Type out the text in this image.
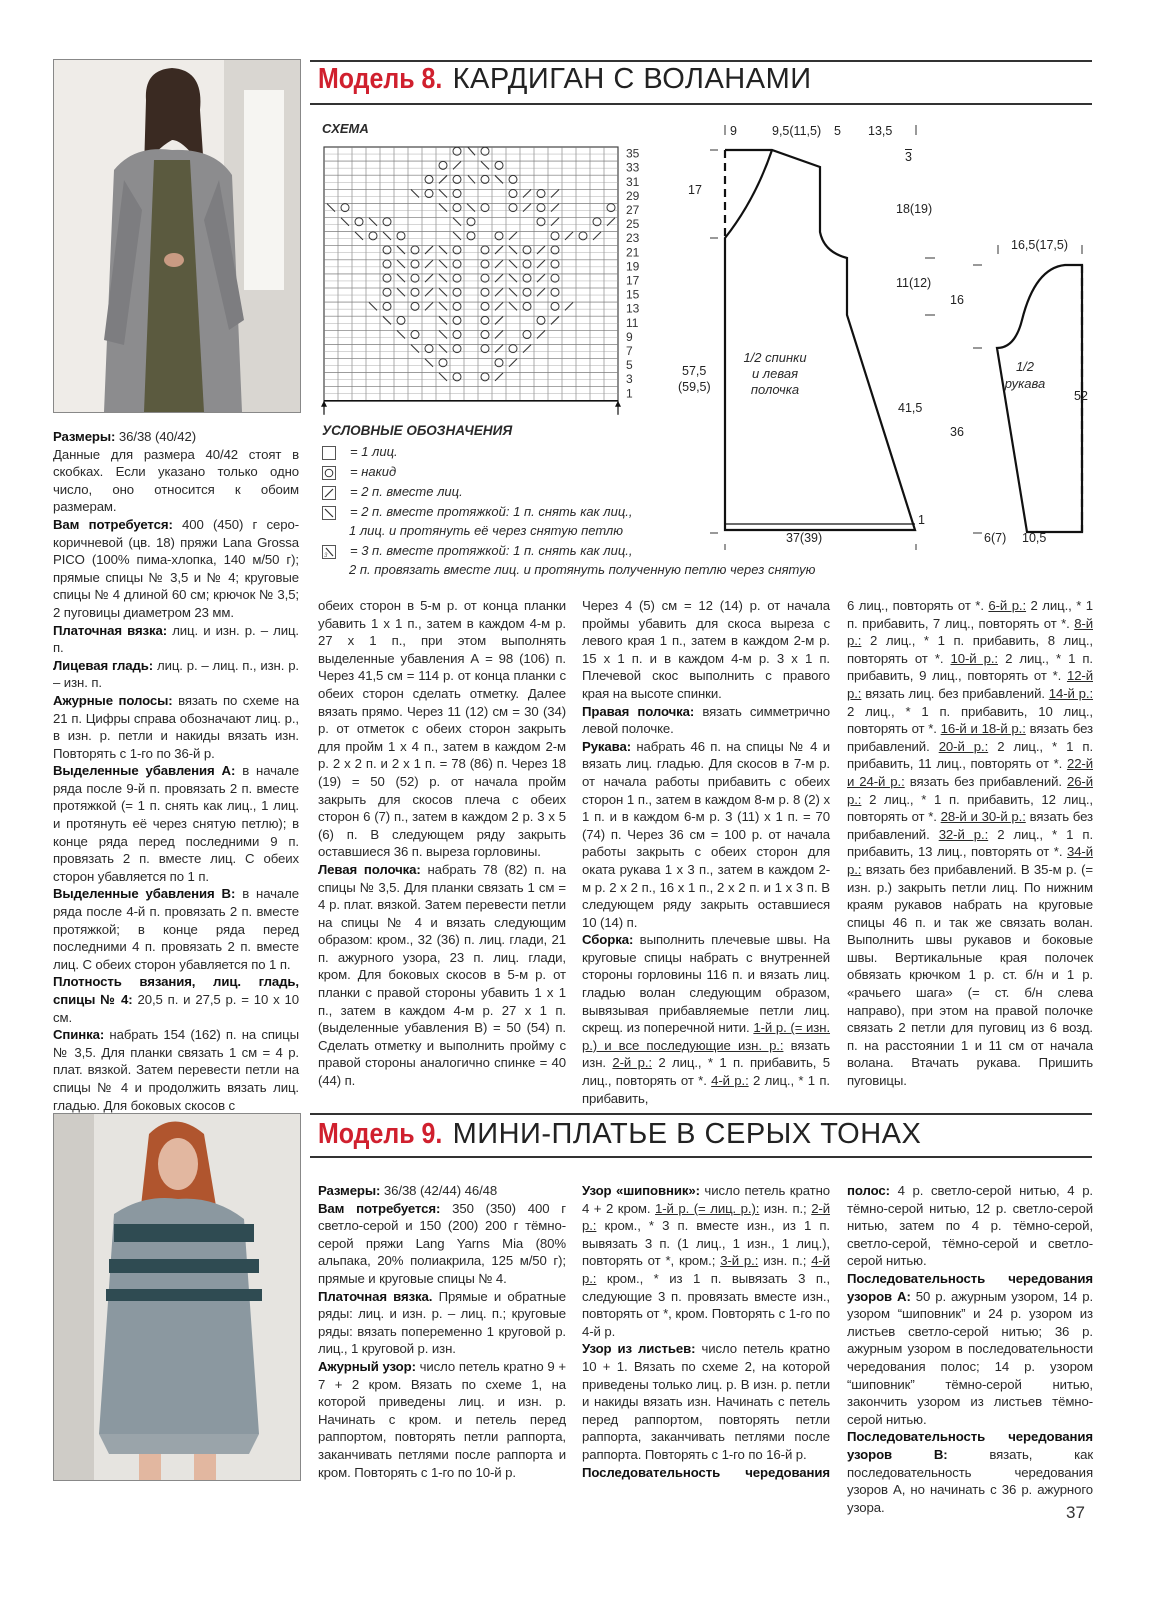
Модель 8. КАРДИГАН С ВОЛАНАМИ
СХЕМА
35
33
31
29
27
25
23
21
19
17
15
13
11
9
7
5
3
1
УСЛОВНЫЕ ОБОЗНАЧЕНИЯ
= 1 лиц.
= накид
= 2 п. вместе лиц.
= 2 п. вместе протяжкой: 1 п. снять как лиц.,
1 лиц. и протянуть её через снятую петлю
3 = 3 п. вместе протяжкой: 1 п. снять как лиц.,
2 п. провязать вместе лиц. и протянуть полученную петлю через снятую
9	9,5(11,5) 5 13,5
3
17
18(19)
11(12)
57,5
(59,5)
41,5
1
37(39)
16,5(17,5)
16
36
52
6(7) 10,5
1/2 спинки
и левая
полочка
1/2
рукава

Размеры: 36/38 (40/42)

Данные для размера 40/42 стоят в скобках. Если указано только одно число, оно относится к обоим размерам.

Вам потребуется: 400 (450) г серо-коричневой (цв. 18) пряжи Lana Grossa PICO (100% пима-хлопка, 140 м/50 г); прямые спицы № 3,5 и № 4; круговые спицы № 4 длиной 60 см; крючок № 3,5; 2 пуговицы диаметром 23 мм.

Платочная вязка: лиц. и изн. р. – лиц. п.

Лицевая гладь: лиц. р. – лиц. п., изн. р. – изн. п.

Ажурные полосы: вязать по схеме на 21 п. Цифры справа обозначают лиц. р., в изн. р. петли и накиды вязать изн. Повторять с 1-го по 36-й р.

Выделенные убавления А: в начале ряда после 9-й п. провязать 2 п. вместе протяжкой (= 1 п. снять как лиц., 1 лиц. и протянуть её через снятую петлю); в конце ряда перед последними 9 п. провязать 2 п. вместе лиц. С обеих сторон убавляется по 1 п.

Выделенные убавления В: в начале ряда после 4-й п. провязать 2 п. вместе протяжкой; в конце ряда перед последними 4 п. провязать 2 п. вместе лиц. С обеих сторон убавляется по 1 п.

Плотность вязания, лиц. гладь, спицы № 4: 20,5 п. и 27,5 р. = 10 х 10 см.

Спинка: набрать 154 (162) п. на спицы № 3,5. Для планки связать 1 см = 4 р. плат. вязкой. Затем перевести петли на спицы № 4 и продолжить вязать лиц. гладью. Для боковых скосов с

обеих сторон в 5-м р. от конца планки убавить 1 х 1 п., затем в каждом 4-м р. 27 х 1 п., при этом выполнять выделенные убавления А = 98 (106) п. Через 41,5 см = 114 р. от конца планки с обеих сторон сделать отметку. Далее вязать прямо. Через 11 (12) см = 30 (34) р. от отметок с обеих сторон закрыть для пройм 1 х 4 п., затем в каждом 2-м р. 2 х 2 п. и 2 х 1 п. = 78 (86) п. Через 18 (19) = 50 (52) р. от начала пройм закрыть для скосов плеча с обеих сторон 6 (7) п., затем в каждом 2 р. 3 х 5 (6) п. В следующем ряду закрыть оставшиеся 36 п. выреза горловины.

Левая полочка: набрать 78 (82) п. на спицы № 3,5. Для планки связать 1 см = 4 р. плат. вязкой. Затем перевести петли на спицы № 4 и вязать следующим образом: кром., 32 (36) п. лиц. глади, 21 п. ажурного узора, 23 п. лиц. глади, кром. Для боковых скосов в 5-м р. от планки с правой стороны убавить 1 х 1 п., затем в каждом 4-м р. 27 х 1 п. (выделенные убавления В) = 50 (54) п. Сделать отметку и выполнить пройму с правой стороны аналогично спинке = 40 (44) п.

Через 4 (5) см = 12 (14) р. от начала проймы убавить для скоса выреза с левого края 1 п., затем в каждом 2-м р. 15 х 1 п. и в каждом 4-м р. 3 х 1 п. Плечевой скос выполнить с правого края на высоте спинки.

Правая полочка: вязать симметрично левой полочке.

Рукава: набрать 46 п. на спицы № 4 и вязать лиц. гладью. Для скосов в 7-м р. от начала работы прибавить с обеих сторон 1 п., затем в каждом 8-м р. 8 (2) х 1 п. и в каждом 6-м р. 3 (11) х 1 п. = 70 (74) п. Через 36 см = 100 р. от начала работы закрыть с обеих сторон для оката рукава 1 х 3 п., затем в каждом 2-м р. 2 х 2 п., 16 х 1 п., 2 х 2 п. и 1 х 3 п. В следующем ряду закрыть оставшиеся 10 (14) п.

Сборка: выполнить плечевые швы. На круговые спицы набрать с внутренней стороны горловины 116 п. и вязать лиц. гладью волан следующим образом, вывязывая прибавляемые петли лиц. скрещ. из поперечной нити. 1-й р. (= изн. р.) и все последующие изн. р.: вязать изн. 2-й р.: 2 лиц., * 1 п. прибавить, 5 лиц., повторять от *. 4-й р.: 2 лиц., * 1 п. прибавить,

6 лиц., повторять от *. 6-й р.: 2 лиц., * 1 п. прибавить, 7 лиц., повторять от *. 8-й р.: 2 лиц., * 1 п. прибавить, 8 лиц., повторять от *. 10-й р.: 2 лиц., * 1 п. прибавить, 9 лиц., повторять от *. 12-й р.: вязать лиц. без прибавлений. 14-й р.: 2 лиц., * 1 п. прибавить, 10 лиц., повторять от *. 16-й и 18-й р.: вязать без прибавлений. 20-й р.: 2 лиц., * 1 п. прибавить, 11 лиц., повторять от *. 22-й и 24-й р.: вязать без прибавлений. 26-й р.: 2 лиц., * 1 п. прибавить, 12 лиц., повторять от *. 28-й и 30-й р.: вязать без прибавлений. 32-й р.: 2 лиц., * 1 п. прибавить, 13 лиц., повторять от *. 34-й р.: вязать без прибавлений. В 35-м р. (= изн. р.) закрыть петли лиц. По нижним краям рукавов набрать на круговые спицы 46 п. и так же связать волан. Выполнить швы рукавов и боковые швы. Вертикальные края полочек обвязать крючком 1 р. ст. б/н и 1 р. «рачьего шага» (= ст. б/н слева направо), при этом на правой полочке связать 2 петли для пуговиц из 6 возд. п. на расстоянии 1 и 11 см от начала волана. Втачать рукава. Пришить пуговицы.

Модель 9. МИНИ-ПЛАТЬЕ В СЕРЫХ ТОНАХ

Размеры: 36/38 (42/44) 46/48

Вам потребуется: 350 (350) 400 г светло-серой и 150 (200) 200 г тёмно-серой пряжи Lang Yarns Mia (80% альпака, 20% полиакрила, 125 м/50 г); прямые и круговые спицы № 4.

Платочная вязка. Прямые и обратные ряды: лиц. и изн. р. – лиц. п.; круговые ряды: вязать попеременно 1 круговой р. лиц., 1 круговой р. изн.

Ажурный узор: число петель кратно 9 + 7 + 2 кром. Вязать по схеме 1, на которой приведены лиц. и изн. р. Начинать с кром. и петель перед раппортом, повторять петли раппорта, заканчивать петлями после раппорта и кром. Повторять с 1-го по 10-й р.

Узор «шиповник»: число петель кратно 4 + 2 кром. 1-й р. (= лиц. р.): изн. п.; 2-й р.: кром., * 3 п. вместе изн., из 1 п. вывязать 3 п. (1 лиц., 1 изн., 1 лиц.), повторять от *, кром.; 3-й р.: изн. п.; 4-й р.: кром., * из 1 п. вывязать 3 п., следующие 3 п. провязать вместе изн., повторять от *, кром. Повторять с 1-го по 4-й р.

Узор из листьев: число петель кратно 10 + 1. Вязать по схеме 2, на которой приведены только лиц. р. В изн. р. петли и накиды вязать изн. Начинать с петель перед раппортом, повторять петли раппорта, заканчивать петлями после раппорта. Повторять с 1-го по 16-й р.

Последовательность чередования

полос: 4 р. светло-серой нитью, 4 р. тёмно-серой нитью, 12 р. светло-серой нитью, затем по 4 р. тёмно-серой, светло-серой, тёмно-серой и светло-серой нитью.

Последовательность чередования узоров А: 50 р. ажурным узором, 14 р. узором “шиповник” и 24 р. узором из листьев светло-серой нитью; 36 р. ажурным узором в последовательности чередования полос; 14 р. узором “шиповник” тёмно-серой нитью, закончить узором из листьев тёмно-серой нитью.

Последовательность чередования узоров В: вязать, как последовательность чередования узоров А, но начинать с 36 р. ажурного узора.	37
